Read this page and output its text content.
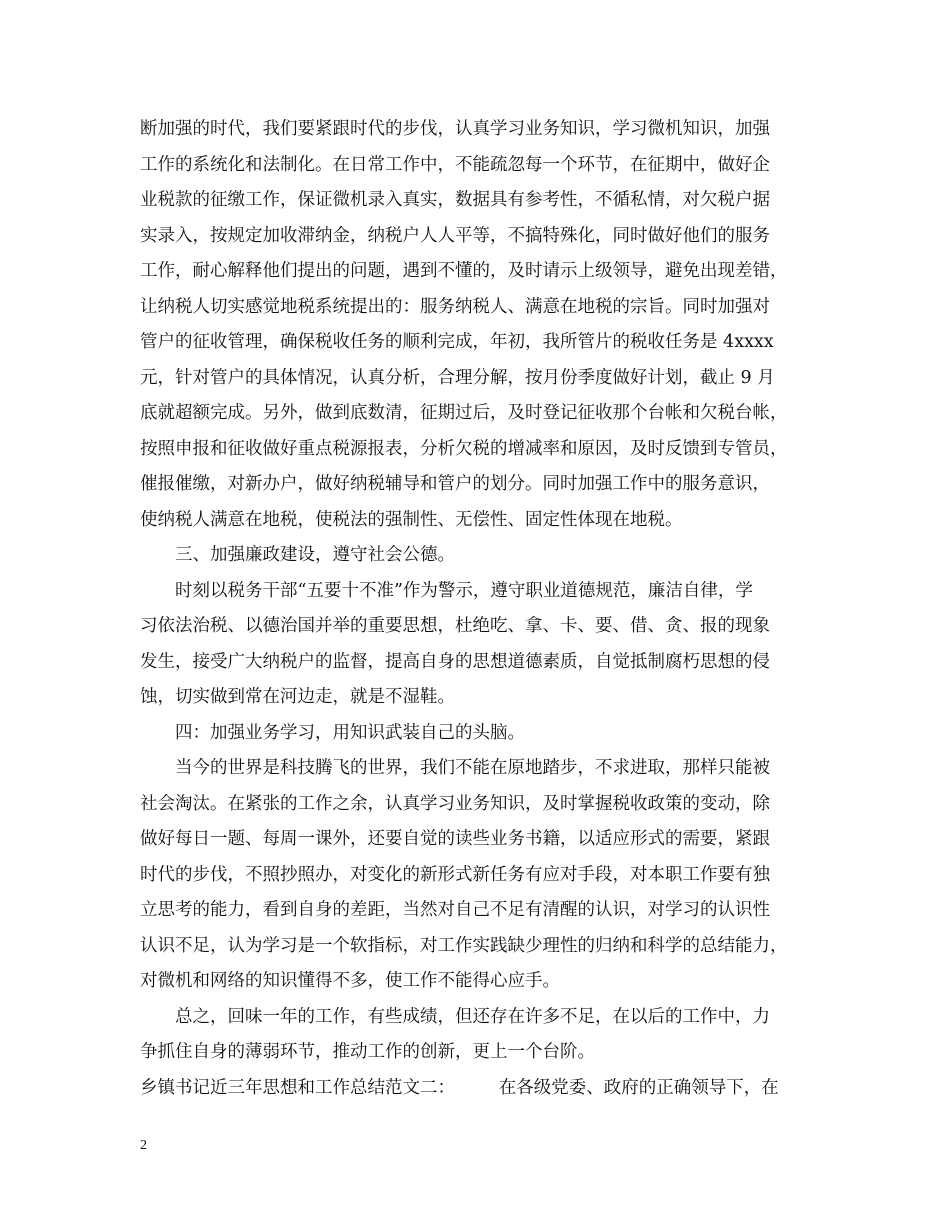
断加强的时代，我们要紧跟时代的步伐，认真学习业务知识，学习微机知识，加强
工作的系统化和法制化。在日常工作中，不能疏忽每一个环节，在征期中，做好企
业税款的征缴工作，保证微机录入真实，数据具有参考性，不循私情，对欠税户据
实录入，按规定加收滞纳金，纳税户人人平等，不搞特殊化，同时做好他们的服务
工作，耐心解释他们提出的问题，遇到不懂的，及时请示上级领导，避免出现差错，
让纳税人切实感觉地税系统提出的：服务纳税人、满意在地税的宗旨。同时加强对
管户的征收管理，确保税收任务的顺利完成，年初，我所管片的税收任务是 4xxxx
元，针对管户的具体情况，认真分析，合理分解，按月份季度做好计划，截止 9 月
底就超额完成。另外，做到底数清，征期过后，及时登记征收那个台帐和欠税台帐，
按照申报和征收做好重点税源报表，分析欠税的增减率和原因，及时反馈到专管员，
催报催缴，对新办户，做好纳税辅导和管户的划分。同时加强工作中的服务意识，
使纳税人满意在地税，使税法的强制性、无偿性、固定性体现在地税。
三、加强廉政建设，遵守社会公德。
时刻以税务干部“五要十不准”作为警示，遵守职业道德规范，廉洁自律，学
习依法治税、以德治国并举的重要思想，杜绝吃、拿、卡、要、借、贪、报的现象
发生，接受广大纳税户的监督，提高自身的思想道德素质，自觉抵制腐朽思想的侵
蚀，切实做到常在河边走，就是不湿鞋。
四：加强业务学习，用知识武装自己的头脑。
当今的世界是科技腾飞的世界，我们不能在原地踏步，不求进取，那样只能被
社会淘汰。在紧张的工作之余，认真学习业务知识，及时掌握税收政策的变动，除
做好每日一题、每周一课外，还要自觉的读些业务书籍，以适应形式的需要，紧跟
时代的步伐，不照抄照办，对变化的新形式新任务有应对手段，对本职工作要有独
立思考的能力，看到自身的差距，当然对自己不足有清醒的认识，对学习的认识性
认识不足，认为学习是一个软指标，对工作实践缺少理性的归纳和科学的总结能力，
对微机和网络的知识懂得不多，使工作不能得心应手。
总之，回味一年的工作，有些成绩，但还存在许多不足，在以后的工作中，力
争抓住自身的薄弱环节，推动工作的创新，更上一个台阶。
乡镇书记近三年思想和工作总结范文二：　　　在各级党委、政府的正确领导下，在
2
